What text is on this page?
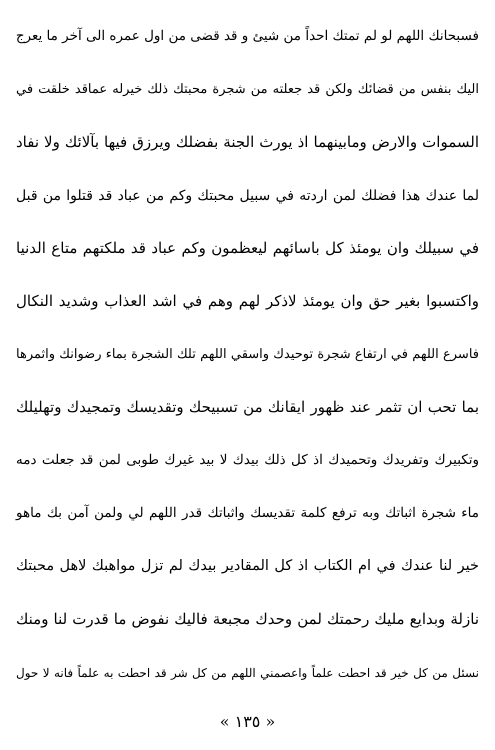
فسبحانك اللهم لو لم تمتك احداً من شيئ و قد قضى من اول عمره الى آخر ما يعرج
اليك بنفس من قضائك ولكن قد جعلته من شجرة محبتك ذلك خيرله عماقد خلقت في
السموات والارض ومابينهما اذ يورث الجنة بفضلك ويرزق فيها بآلائك ولا نفاد
لما عندك هذا فضلك لمن اردته في سبيل محبتك وكم من عباد قد قتلوا من قبل
في سبيلك وان يومئذ كل باسائهم ليعظمون وكم عباد قد ملكتهم متاع الدنيا
واكتسبوا بغير حق وان يومئذ لاذكر لهم وهم في اشد العذاب وشديد النكال
فاسرع اللهم في ارتفاع شجرة توحيدك واسقي اللهم تلك الشجرة بماء رضوانك واثمرها
بما تحب ان تثمر عند ظهور ايقانك من تسبيحك وتقديسك وتمجيدك وتهليلك
وتكبيرك وتفريدك وتحميدك اذ كل ذلك بيدك لا بيد غيرك طوبى لمن قد جعلت دمه
ماء شجرة اثباتك وبه ترفع كلمة تقديسك واثباتك قدر اللهم لي ولمن آمن بك ماهو
خير لنا عندك في ام الكتاب اذ كل المقادير بيدك لم تزل مواهبك لاهل محبتك
نازلة وبدايع مليك رحمتك لمن وحدك مجبعة فاليك نفوض ما قدرت لنا ومنك
نسئل من كل خير قد احطت علماً واعصمني اللهم من كل شر قد احطت به علماً فانه لا حول
« ١٣٥ »
